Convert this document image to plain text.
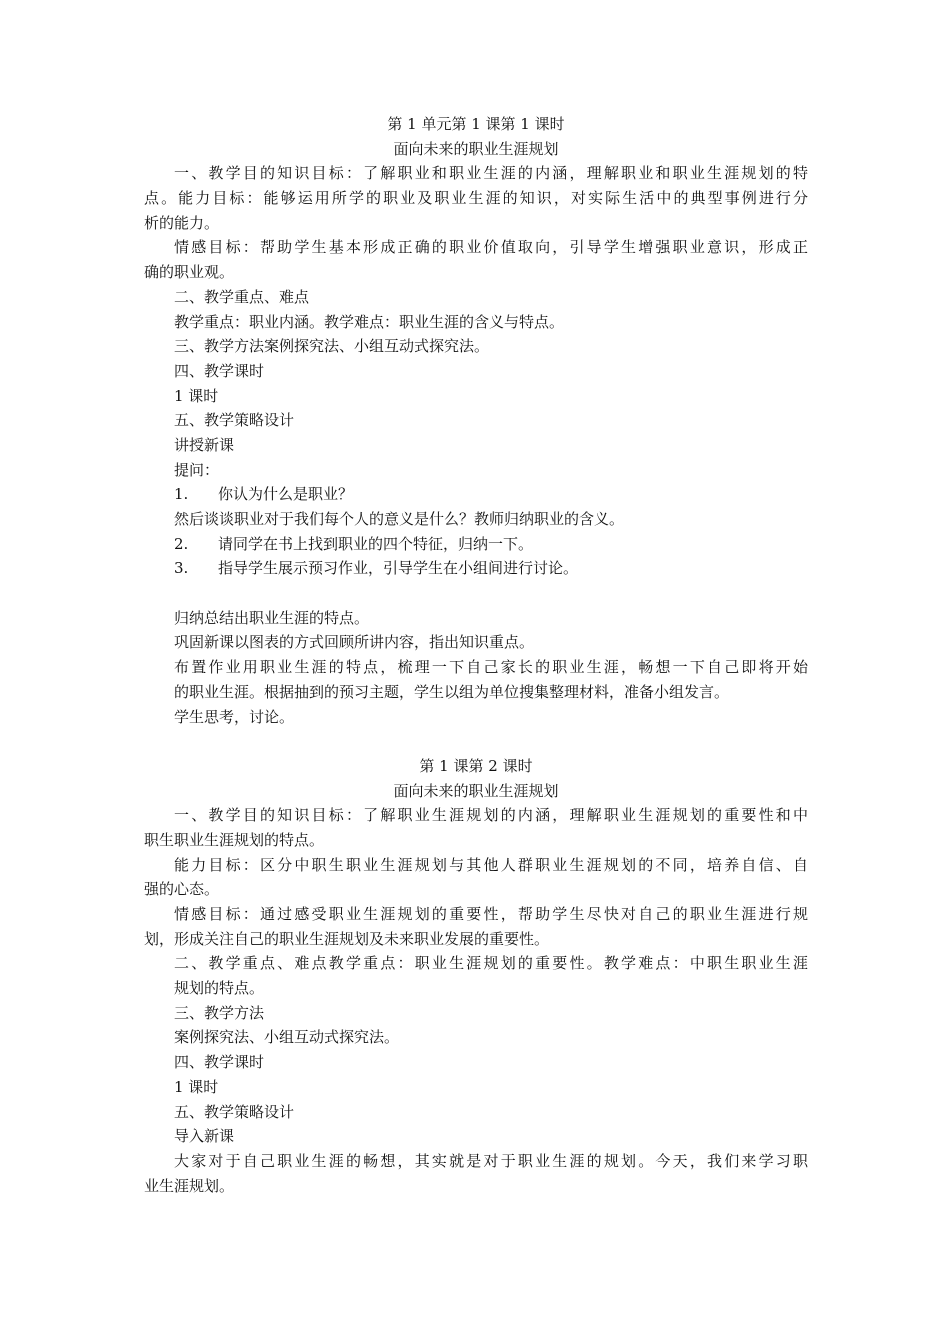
第 1 单元第 1 课第 1 课时
面向未来的职业生涯规划
一、教学目的知识目标：了解职业和职业生涯的内涵，理解职业和职业生涯规划的特
点。能力目标：能够运用所学的职业及职业生涯的知识，对实际生活中的典型事例进行分
析的能力。
情感目标：帮助学生基本形成正确的职业价值取向，引导学生增强职业意识，形成正
确的职业观。
二、教学重点、难点
教学重点：职业内涵。教学难点：职业生涯的含义与特点。
三、教学方法案例探究法、小组互动式探究法。
四、教学课时
1 课时
五、教学策略设计
讲授新课
提问：
1. 你认为什么是职业？
然后谈谈职业对于我们每个人的意义是什么？教师归纳职业的含义。
2. 请同学在书上找到职业的四个特征，归纳一下。
3. 指导学生展示预习作业，引导学生在小组间进行讨论。
归纳总结出职业生涯的特点。
巩固新课以图表的方式回顾所讲内容，指出知识重点。
布置作业用职业生涯的特点，梳理一下自己家长的职业生涯，畅想一下自己即将开始
的职业生涯。根据抽到的预习主题，学生以组为单位搜集整理材料，准备小组发言。
学生思考，讨论。
第 1 课第 2 课时
面向未来的职业生涯规划
一、教学目的知识目标：了解职业生涯规划的内涵，理解职业生涯规划的重要性和中
职生职业生涯规划的特点。
能力目标：区分中职生职业生涯规划与其他人群职业生涯规划的不同，培养自信、自
强的心态。
情感目标：通过感受职业生涯规划的重要性，帮助学生尽快对自己的职业生涯进行规
划，形成关注自己的职业生涯规划及未来职业发展的重要性。
二、教学重点、难点教学重点：职业生涯规划的重要性。教学难点：中职生职业生涯
规划的特点。
三、教学方法
案例探究法、小组互动式探究法。
四、教学课时
1 课时
五、教学策略设计
导入新课
大家对于自己职业生涯的畅想，其实就是对于职业生涯的规划。今天，我们来学习职
业生涯规划。
